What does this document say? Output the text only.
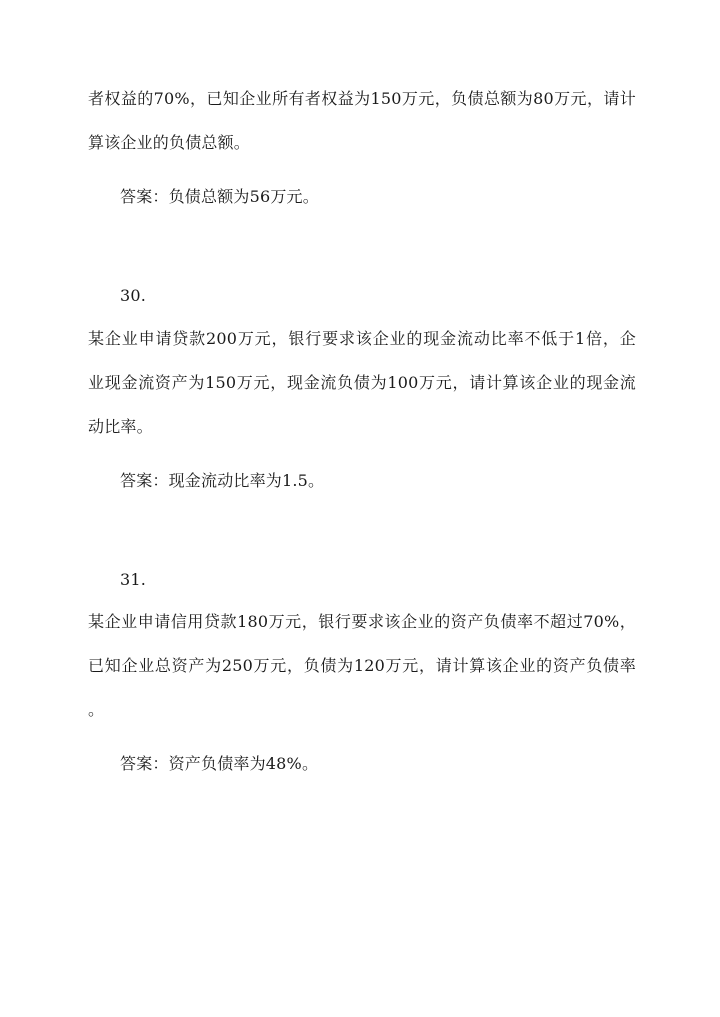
者权益的70%，已知企业所有者权益为150万元，负债总额为80万元，请计
算该企业的负债总额。
答案：负债总额为56万元。
30.
某企业申请贷款200万元，银行要求该企业的现金流动比率不低于1倍，企
业现金流资产为150万元，现金流负债为100万元，请计算该企业的现金流
动比率。
答案：现金流动比率为1.5。
31.
某企业申请信用贷款180万元，银行要求该企业的资产负债率不超过70%，
已知企业总资产为250万元，负债为120万元，请计算该企业的资产负债率
。
答案：资产负债率为48%。
